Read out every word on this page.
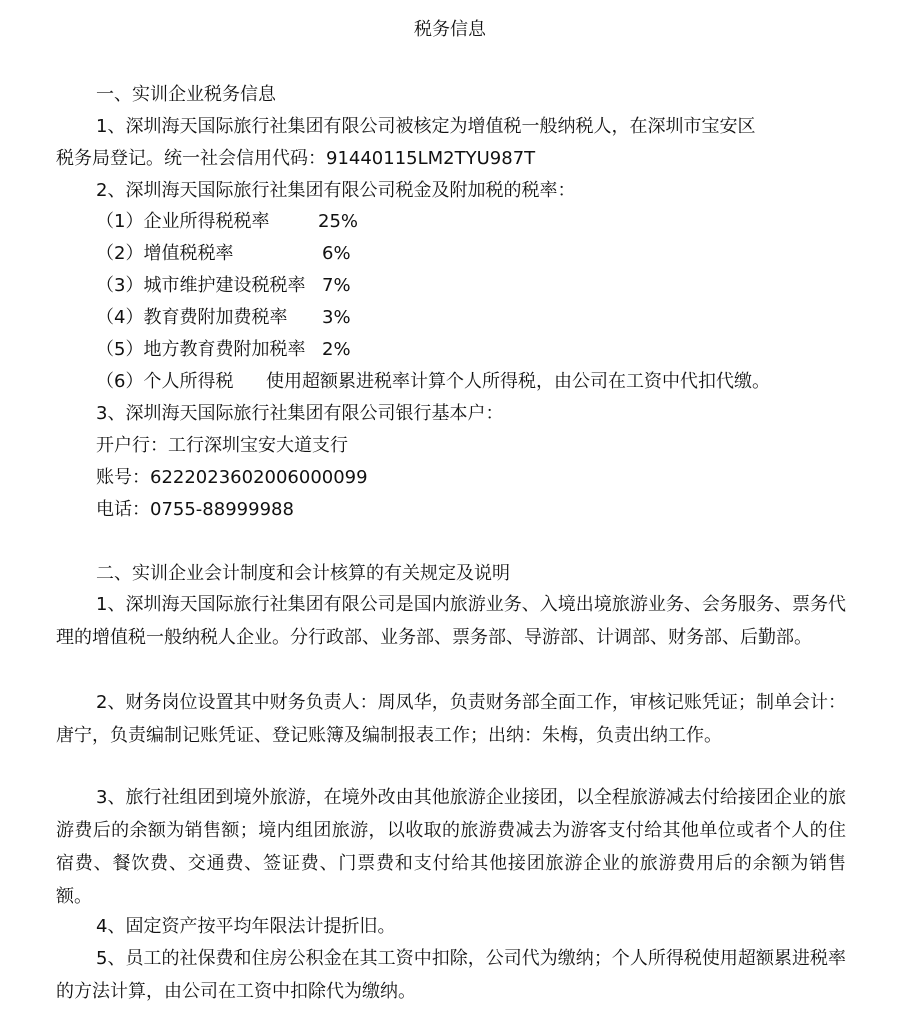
税务信息
一、实训企业税务信息
1、深圳海天国际旅行社集团有限公司被核定为增值税一般纳税人，在深圳市宝安区
税务局登记。统一社会信用代码：91440115LM2TYU987T
2、深圳海天国际旅行社集团有限公司税金及附加税的税率：
（1）企业所得税税率	25%
（2）增值税税率	6%
（3）城市维护建设税税率 7%
（4）教育费附加费税率 3%
（5）地方教育费附加税率 2%
（6）个人所得税 使用超额累进税率计算个人所得税，由公司在工资中代扣代缴。
3、深圳海天国际旅行社集团有限公司银行基本户：
开户行：工行深圳宝安大道支行
账号：6222023602006000099
电话：0755-88999988
二、实训企业会计制度和会计核算的有关规定及说明

1、深圳海天国际旅行社集团有限公司是国内旅游业务、入境出境旅游业务、会务服务、票务代理的增值税一般纳税人企业。分行政部、业务部、票务部、导游部、计调部、财务部、后勤部。

2、财务岗位设置其中财务负责人：周凤华，负责财务部全面工作，审核记账凭证；制单会计：唐宁，负责编制记账凭证、登记账簿及编制报表工作；出纳：朱梅，负责出纳工作。

3、旅行社组团到境外旅游，在境外改由其他旅游企业接团，以全程旅游减去付给接团企业的旅游费后的余额为销售额；境内组团旅游，以收取的旅游费减去为游客支付给其他单位或者个人的住宿费、餐饮费、交通费、签证费、门票费和支付给其他接团旅游企业的旅游费用后的余额为销售额。

4、固定资产按平均年限法计提折旧。

5、员工的社保费和住房公积金在其工资中扣除，公司代为缴纳；个人所得税使用超额累进税率的方法计算，由公司在工资中扣除代为缴纳。
